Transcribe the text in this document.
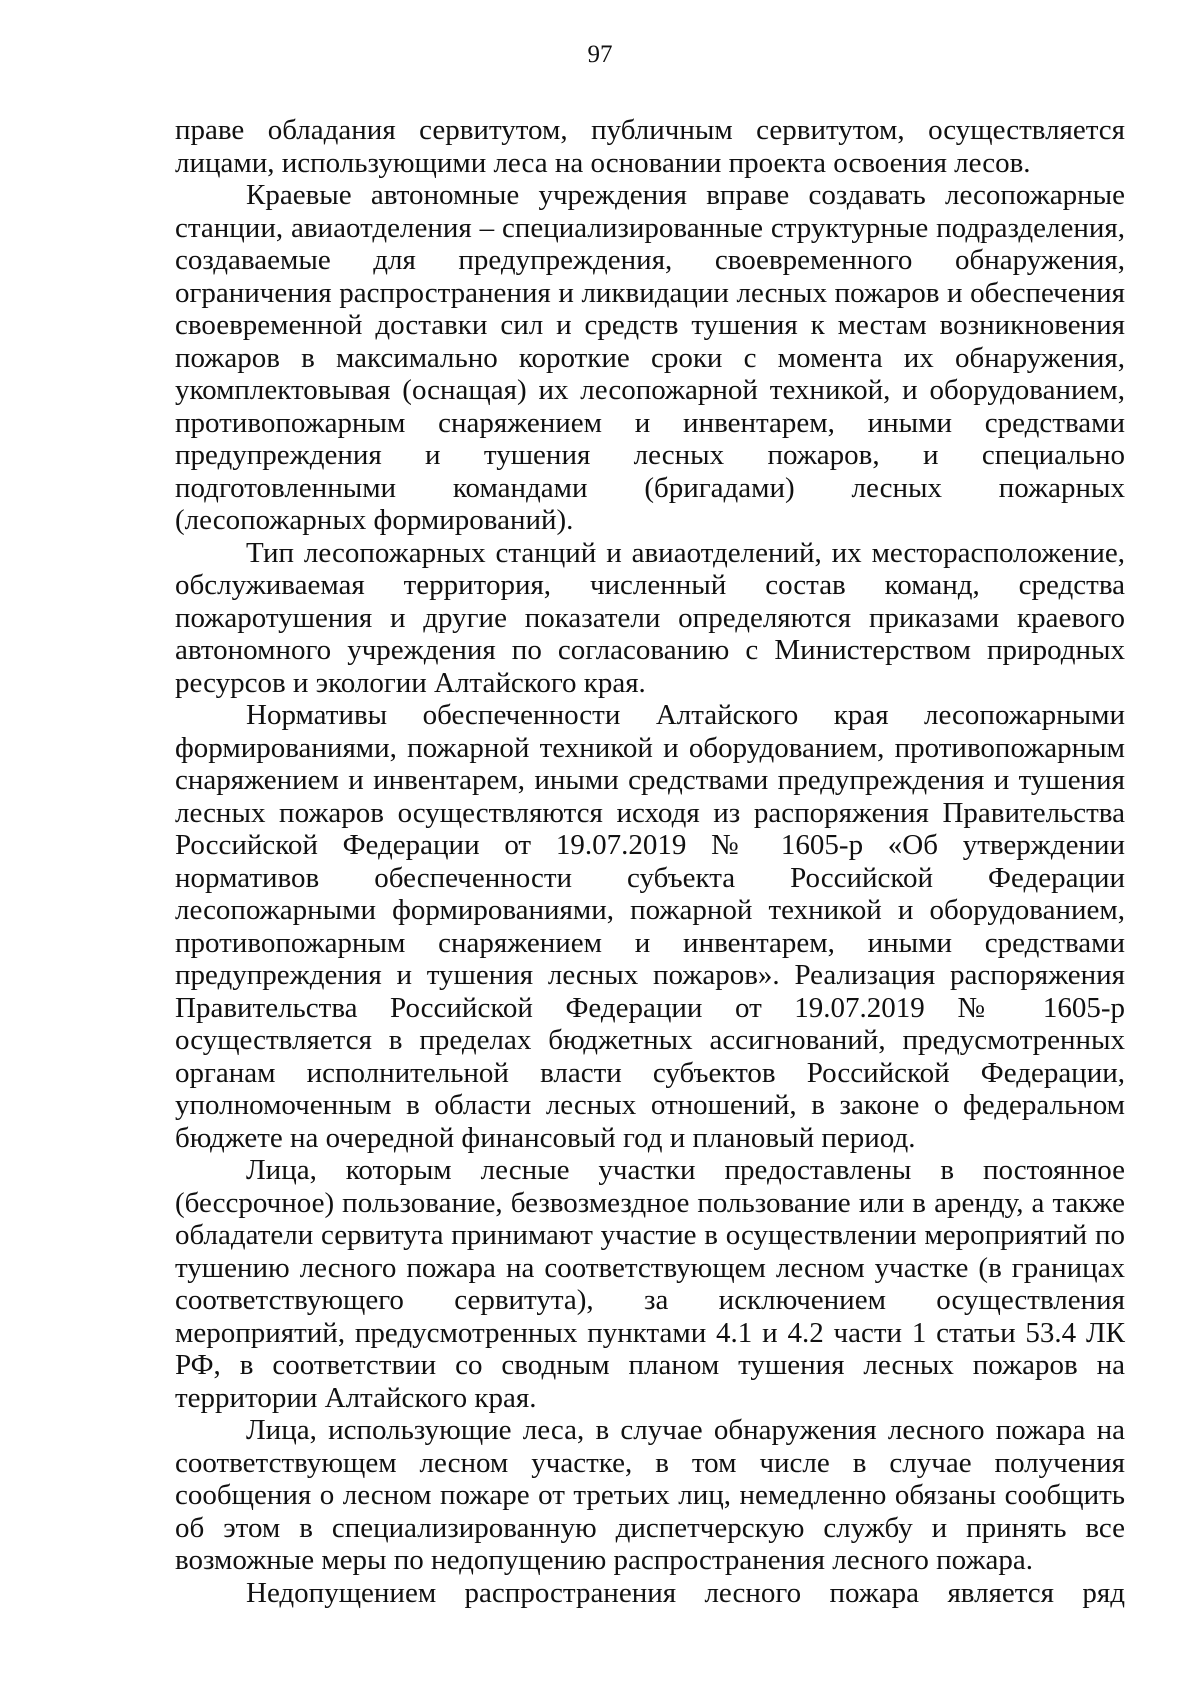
97

праве обладания сервитутом, публичным сервитутом, осуществляется лицами, использующими леса на основании проекта освоения лесов.

Краевые автономные учреждения вправе создавать лесопожарные станции, авиаотделения – специализированные структурные подразделения, создаваемые для предупреждения, своевременного обнаружения, ограничения распространения и ликвидации лесных пожаров и обеспечения своевременной доставки сил и средств тушения к местам возникновения пожаров в максимально короткие сроки с момента их обнаружения, укомплектовывая (оснащая) их лесопожарной техникой, и оборудованием, противопожарным снаряжением и инвентарем, иными средствами предупреждения и тушения лесных пожаров, и специально подготовленными командами (бригадами) лесных пожарных (лесопожарных формирований).

Тип лесопожарных станций и авиаотделений, их месторасположение, обслуживаемая территория, численный состав команд, средства пожаротушения и другие показатели определяются приказами краевого автономного учреждения по согласованию с Министерством природных ресурсов и экологии Алтайского края.

Нормативы обеспеченности Алтайского края лесопожарными формированиями, пожарной техникой и оборудованием, противопожарным снаряжением и инвентарем, иными средствами предупреждения и тушения лесных пожаров осуществляются исходя из распоряжения Правительства Российской Федерации от 19.07.2019 № 1605-р «Об утверждении нормативов обеспеченности субъекта Российской Федерации лесопожарными формированиями, пожарной техникой и оборудованием, противопожарным снаряжением и инвентарем, иными средствами предупреждения и тушения лесных пожаров». Реализация распоряжения Правительства Российской Федерации от 19.07.2019 № 1605-р осуществляется в пределах бюджетных ассигнований, предусмотренных органам исполнительной власти субъектов Российской Федерации, уполномоченным в области лесных отношений, в законе о федеральном бюджете на очередной финансовый год и плановый период.

Лица, которым лесные участки предоставлены в постоянное (бессрочное) пользование, безвозмездное пользование или в аренду, а также обладатели сервитута принимают участие в осуществлении мероприятий по тушению лесного пожара на соответствующем лесном участке (в границах соответствующего сервитута), за исключением осуществления мероприятий, предусмотренных пунктами 4.1 и 4.2 части 1 статьи 53.4 ЛК РФ, в соответствии со сводным планом тушения лесных пожаров на территории Алтайского края.

Лица, использующие леса, в случае обнаружения лесного пожара на соответствующем лесном участке, в том числе в случае получения сообщения о лесном пожаре от третьих лиц, немедленно обязаны сообщить об этом в специализированную диспетчерскую службу и принять все возможные меры по недопущению распространения лесного пожара.

Недопущением распространения лесного пожара является ряд
